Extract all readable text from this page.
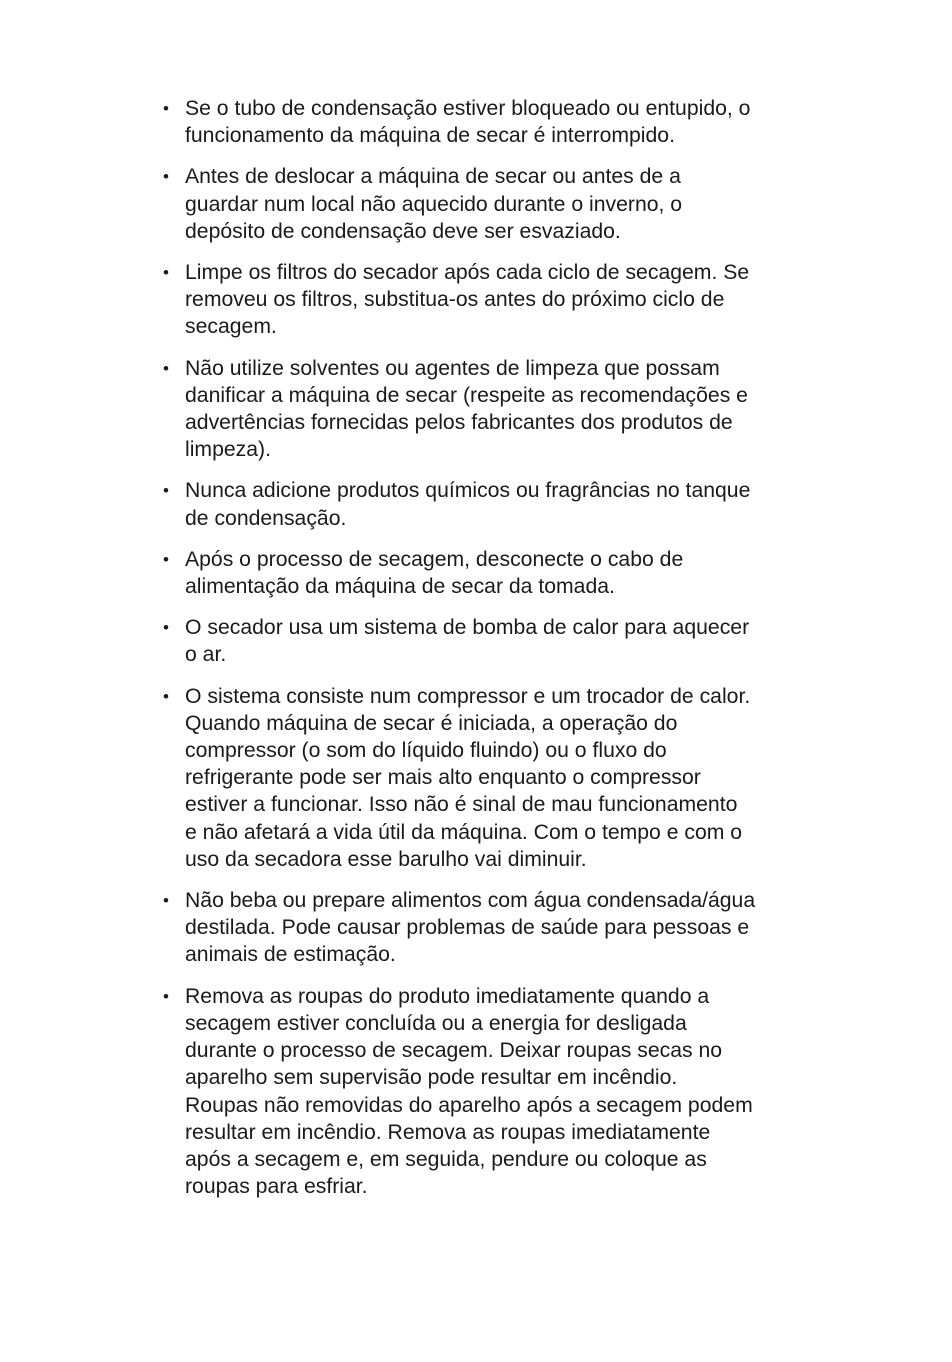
• Se o tubo de condensação estiver bloqueado ou entupido, o
funcionamento da máquina de secar é interrompido.
• Antes de deslocar a máquina de secar ou antes de a
guardar num local não aquecido durante o inverno, o
depósito de condensação deve ser esvaziado.
• Limpe os filtros do secador após cada ciclo de secagem. Se
removeu os filtros, substitua-os antes do próximo ciclo de
secagem.
• Não utilize solventes ou agentes de limpeza que possam
danificar a máquina de secar (respeite as recomendações e
advertências fornecidas pelos fabricantes dos produtos de
limpeza).
• Nunca adicione produtos químicos ou fragrâncias no tanque
de condensação.
• Após o processo de secagem, desconecte o cabo de
alimentação da máquina de secar da tomada.
• O secador usa um sistema de bomba de calor para aquecer
o ar.
• O sistema consiste num compressor e um trocador de calor.
Quando máquina de secar é iniciada, a operação do
compressor (o som do líquido fluindo) ou o fluxo do
refrigerante pode ser mais alto enquanto o compressor
estiver a funcionar. Isso não é sinal de mau funcionamento
e não afetará a vida útil da máquina. Com o tempo e com o
uso da secadora esse barulho vai diminuir.
• Não beba ou prepare alimentos com água condensada/água
destilada. Pode causar problemas de saúde para pessoas e
animais de estimação.
• Remova as roupas do produto imediatamente quando a
secagem estiver concluída ou a energia for desligada
durante o processo de secagem. Deixar roupas secas no
aparelho sem supervisão pode resultar em incêndio.
Roupas não removidas do aparelho após a secagem podem
resultar em incêndio. Remova as roupas imediatamente
após a secagem e, em seguida, pendure ou coloque as
roupas para esfriar.
